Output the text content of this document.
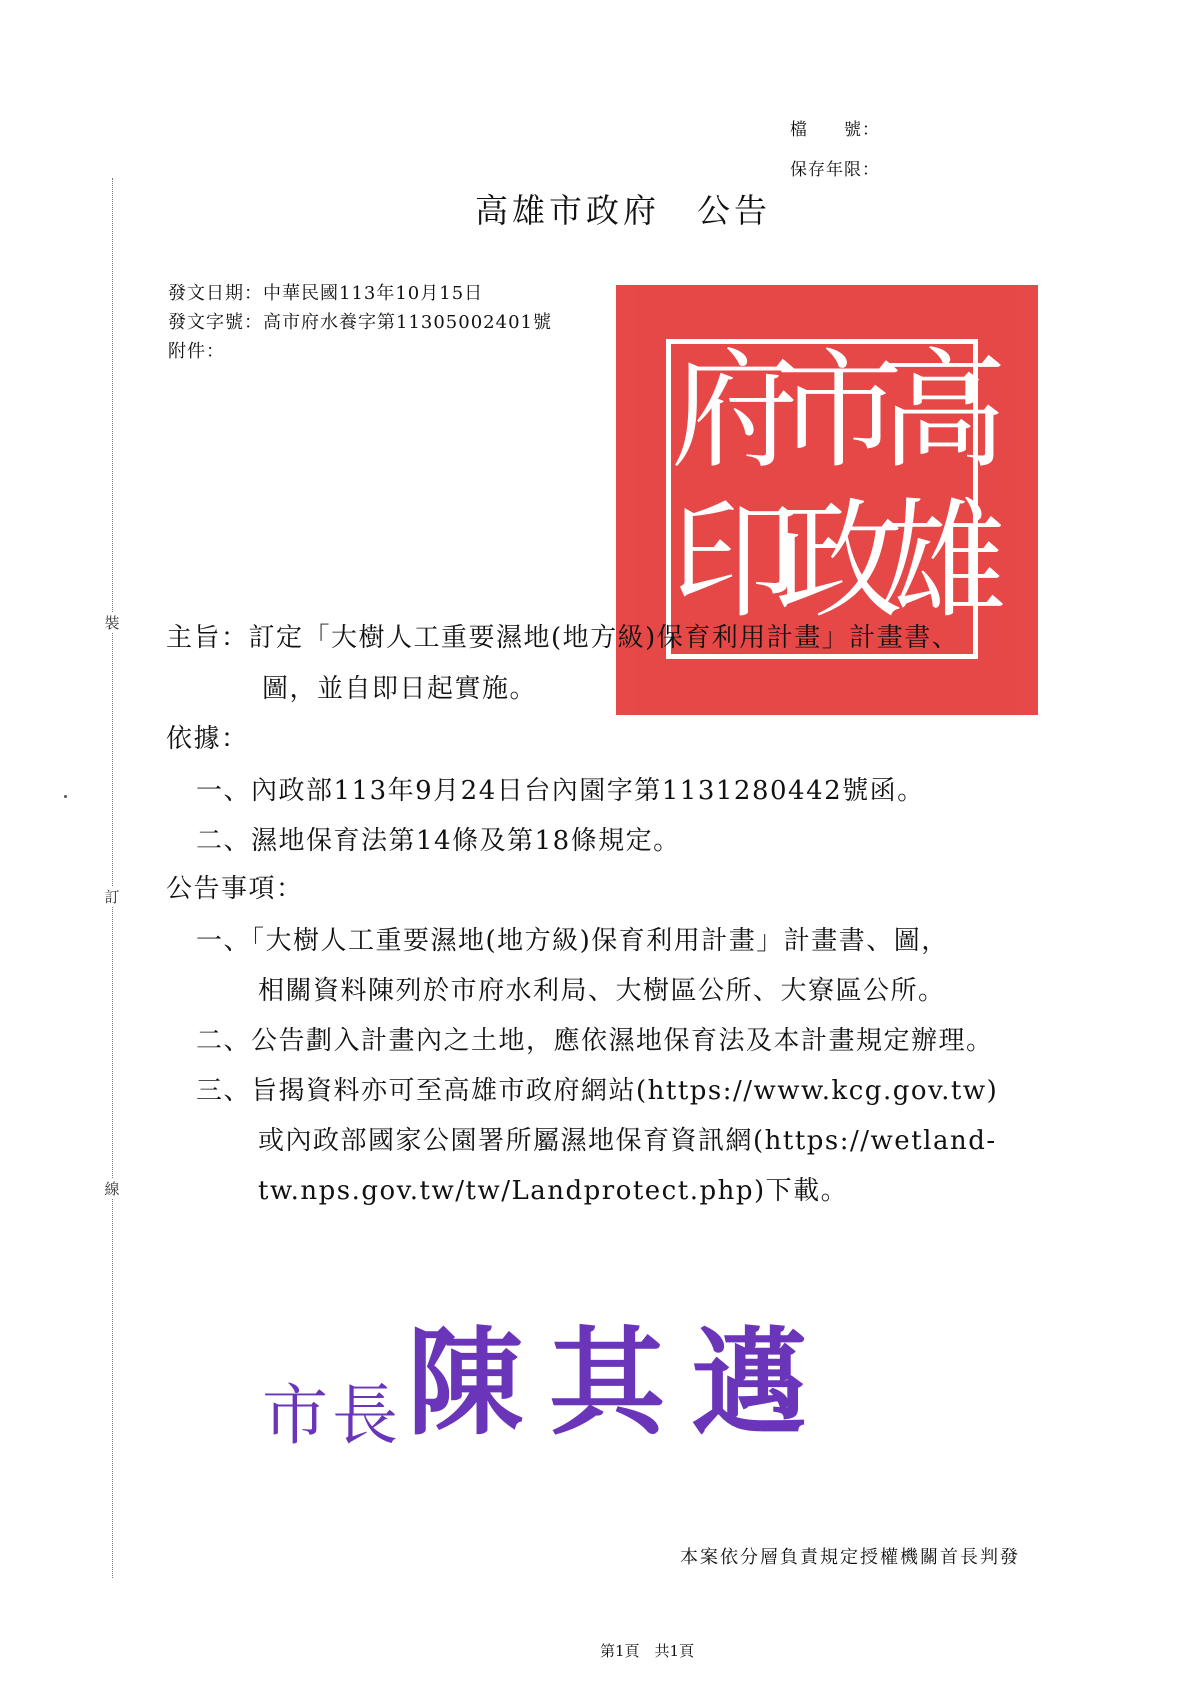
裝
訂
線
檔　　號：
保存年限：
高雄市政府　公告
高
雄
市
政
府
印
發文日期：中華民國113年10月15日
發文字號：高市府水養字第11305002401號
附件：
主旨：訂定「大樹人工重要濕地(地方級)保育利用計畫」計畫書、
圖，並自即日起實施。
依據：
一、內政部113年9月24日台內園字第1131280442號函。
二、濕地保育法第14條及第18條規定。
公告事項：
一、「大樹人工重要濕地(地方級)保育利用計畫」計畫書、圖，
相關資料陳列於市府水利局、大樹區公所、大寮區公所。
二、公告劃入計畫內之土地，應依濕地保育法及本計畫規定辦理。
三、旨揭資料亦可至高雄市政府網站(https://www.kcg.gov.tw)
或內政部國家公園署所屬濕地保育資訊網(https://wetland-
tw.nps.gov.tw/tw/Landprotect.php)下載。
市長 陳其邁
本案依分層負責規定授權機關首長判發
第1頁　共1頁
